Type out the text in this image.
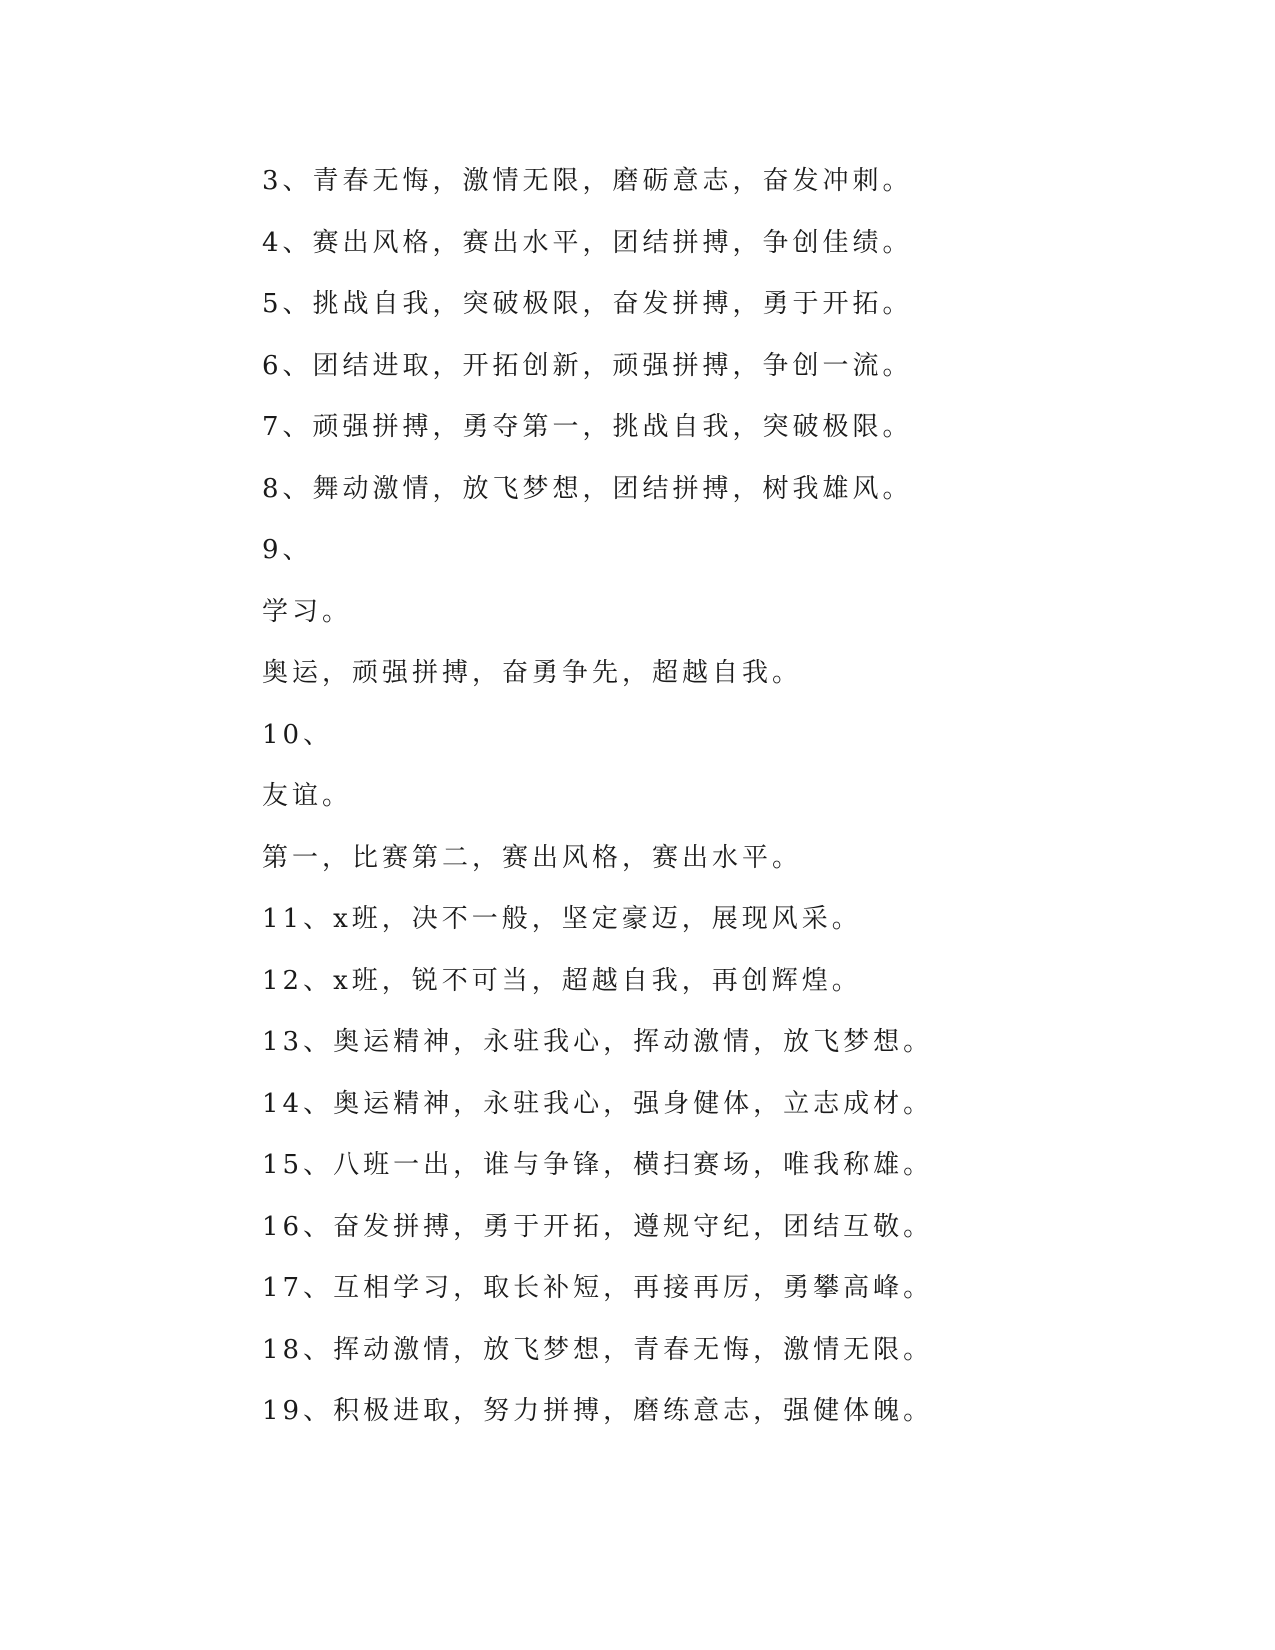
3、青春无悔，激情无限，磨砺意志，奋发冲刺。
4、赛出风格，赛出水平，团结拼搏，争创佳绩。
5、挑战自我，突破极限，奋发拼搏，勇于开拓。
6、团结进取，开拓创新，顽强拼搏，争创一流。
7、顽强拼搏，勇夺第一，挑战自我，突破极限。
8、舞动激情，放飞梦想，团结拼搏，树我雄风。
9、
学习。
奥运，顽强拼搏，奋勇争先，超越自我。
10、
友谊。
第一，比赛第二，赛出风格，赛出水平。
11、x班，决不一般，坚定豪迈，展现风采。
12、x班，锐不可当，超越自我，再创辉煌。
13、奥运精神，永驻我心，挥动激情，放飞梦想。
14、奥运精神，永驻我心，强身健体，立志成材。
15、八班一出，谁与争锋，横扫赛场，唯我称雄。
16、奋发拼搏，勇于开拓，遵规守纪，团结互敬。
17、互相学习，取长补短，再接再厉，勇攀高峰。
18、挥动激情，放飞梦想，青春无悔，激情无限。
19、积极进取，努力拼搏，磨练意志，强健体魄。
